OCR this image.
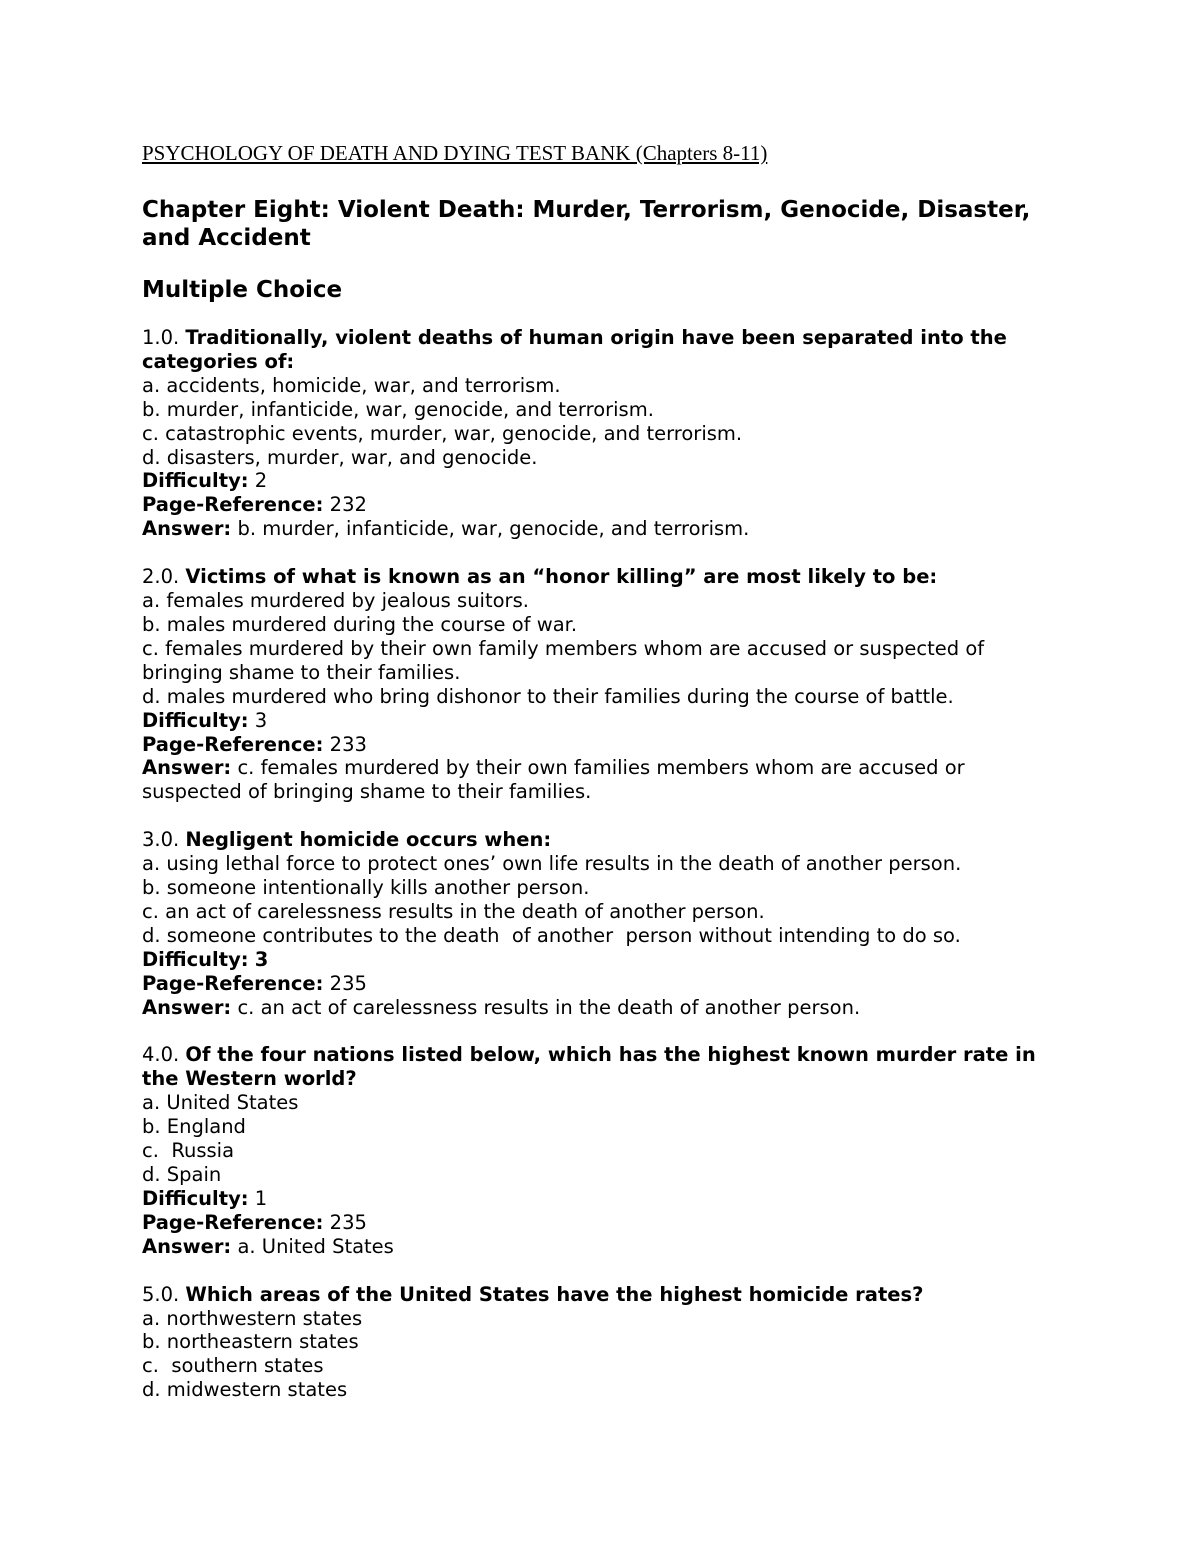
PSYCHOLOGY OF DEATH AND DYING TEST BANK (Chapters 8-11)
Chapter Eight: Violent Death: Murder, Terrorism, Genocide, Disaster, and Accident
Multiple Choice
1.0. Traditionally, violent deaths of human origin have been separated into the categories of:
a. accidents, homicide, war, and terrorism.
b. murder, infanticide, war, genocide, and terrorism.
c. catastrophic events, murder, war, genocide, and terrorism.
d. disasters, murder, war, and genocide.
Difficulty: 2
Page-Reference: 232
Answer: b. murder, infanticide, war, genocide, and terrorism.
2.0. Victims of what is known as an “honor killing” are most likely to be:
a. females murdered by jealous suitors.
b. males murdered during the course of war.
c. females murdered by their own family members whom are accused or suspected of bringing shame to their families.
d. males murdered who bring dishonor to their families during the course of battle.
Difficulty: 3
Page-Reference: 233
Answer: c. females murdered by their own families members whom are accused or suspected of bringing shame to their families.
3.0. Negligent homicide occurs when:
a. using lethal force to protect ones’ own life results in the death of another person.
b. someone intentionally kills another person.
c. an act of carelessness results in the death of another person.
d. someone contributes to the death  of another  person without intending to do so.
Difficulty: 3
Page-Reference: 235
Answer: c. an act of carelessness results in the death of another person.
4.0. Of the four nations listed below, which has the highest known murder rate in the Western world?
a. United States
b. England
c.  Russia
d. Spain
Difficulty: 1
Page-Reference: 235
Answer: a. United States
5.0. Which areas of the United States have the highest homicide rates?
a. northwestern states
b. northeastern states
c.  southern states
d. midwestern states
